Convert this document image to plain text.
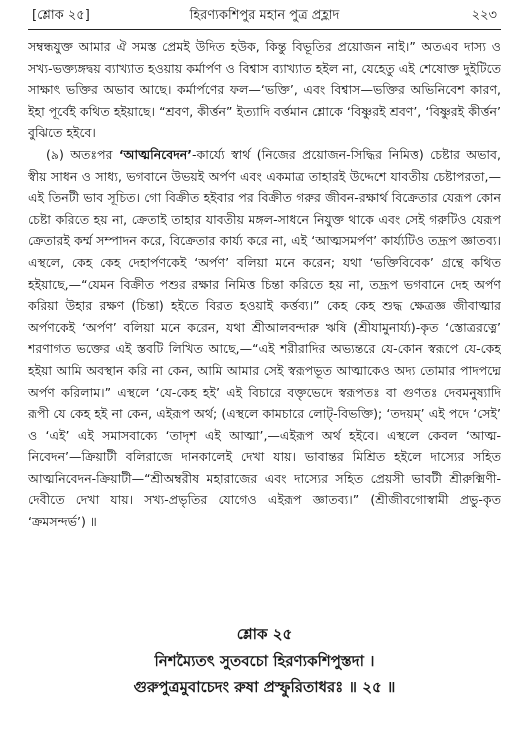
[শ্লোক ২৫]	হিরণ্যকশিপুর মহান পুত্র প্রহ্লাদ	২২৩

সম্বন্ধযুক্ত আমার ঐ সমস্ত প্রেমই উদিত হউক, কিন্তু বিভূতির প্রয়োজন নাই।” অতএব দাস্য ও সখ্য-ভক্ত্যঙ্গদ্বয় ব্যাখ্যাত হওয়ায় কর্মার্পণ ও বিশ্বাস ব্যাখ্যাত হইল না, যেহেতু এই শেষোক্ত দুইটিতে সাক্ষাৎ ভক্তির অভাব আছে। কর্মার্পণের ফল—‘ভক্তি’, এবং বিশ্বাস—ভক্তির অভিনিবেশ কারণ, ইহা পূর্বেই কথিত হইয়াছে। “শ্রবণ, কীর্ত্তন” ইত্যাদি বর্ত্তমান শ্লোকে ‘বিষ্ণুরই শ্রবণ’, ‘বিষ্ণুরই কীর্ত্তন’ বুঝিতে হইবে।

(৯) অতঃপর ‘আত্মনিবেদন’-কার্য্যে স্বার্থ (নিজের প্রয়োজন-সিদ্ধির নিমিত্ত) চেষ্টার অভাব, স্বীয় সাধন ও সাধ্য, ভগবানে উভয়ই অর্পণ এবং একমাত্র তাহারই উদ্দেশে যাবতীয় চেষ্টাপরতা,—এই তিনটী ভাব সূচিত। গো বিক্রীত হইবার পর বিক্রীত গরুর জীবন-রক্ষার্থ বিক্রেতার যেরূপ কোন চেষ্টা করিতে হয় না, ক্রেতাই তাহার যাবতীয় মঙ্গল-সাধনে নিযুক্ত থাকে এবং সেই গরুটিও যেরূপ ক্রেতারই কর্ম্ম সম্পাদন করে, বিক্রেতার কার্য্য করে না, এই ‘আত্মসমর্পণ’ কার্য্যটিও তদ্রূপ জ্ঞাতব্য। এস্থলে, কেহ কেহ দেহার্পণকেই ‘অর্পণ’ বলিয়া মনে করেন; যথা ‘ভক্তিবিবেক’ গ্রন্থে কথিত হইয়াছে,—“যেমন বিক্রীত পশুর রক্ষার নিমিত্ত চিন্তা করিতে হয় না, তদ্রূপ ভগবানে দেহ অর্পণ করিয়া উহার রক্ষণ (চিন্তা) হইতে বিরত হওয়াই কর্ত্তব্য।” কেহ কেহ শুদ্ধ ক্ষেত্রজ্ঞ জীবাত্মার অর্পণকেই ‘অর্পণ’ বলিয়া মনে করেন, যথা শ্রীআলবন্দারু ঋষি (শ্রীযামুনার্য্য)-কৃত ‘স্তোত্ররত্নে’ শরণাগত ভক্তের এই স্তবটি লিখিত আছে,—“এই শরীরাদির অভ্যন্তরে যে-কোন স্বরূপে যে-কেহ হইয়া আমি অবস্থান করি না কেন, আমি আমার সেই স্বরূপভূত আত্মাকেও অদ্য তোমার পাদপদ্মে অর্পণ করিলাম।” এস্থলে ‘যে-কেহ হই’ এই বিচারে বক্তৃভেদে স্বরূপতঃ বা গুণতঃ দেবমনুষ্যাদি রূপী যে কেহ হই না কেন, এইরূপ অর্থ; (এস্থলে কামচারে লোট্-বিভক্তি); ‘তদয়ম্’ এই পদে ‘সেই’ ও ‘এই’ এই সমাসবাক্যে ‘তাদৃশ এই আত্মা’,—এইরূপ অর্থ হইবে। এস্থলে কেবল ‘আত্ম-নিবেদন’—ক্রিয়াটী বলিরাজে দানকালেই দেখা যায়। ভাবান্তর মিশ্রিত হইলে দাস্যের সহিত আত্মনিবেদন-ক্রিয়াটী—“শ্রীঅম্বরীষ মহারাজের এবং দাস্যের সহিত প্রেয়সী ভাবটী শ্রীরুক্মিণী-দেবীতে দেখা যায়। সখ্য-প্রভৃতির যোগেও এইরূপ জ্ঞাতব্য।” (শ্রীজীবগোস্বামী প্রভু-কৃত ‘ক্রমসন্দর্ভ’) ॥

শ্লোক ২৫
নিশম্যৈতৎ সুতবচো হিরণ্যকশিপুস্তদা ।
গুরুপুত্রমুবাচেদং রুষা প্রস্ফুরিতাধরঃ ॥ ২৫ ॥
